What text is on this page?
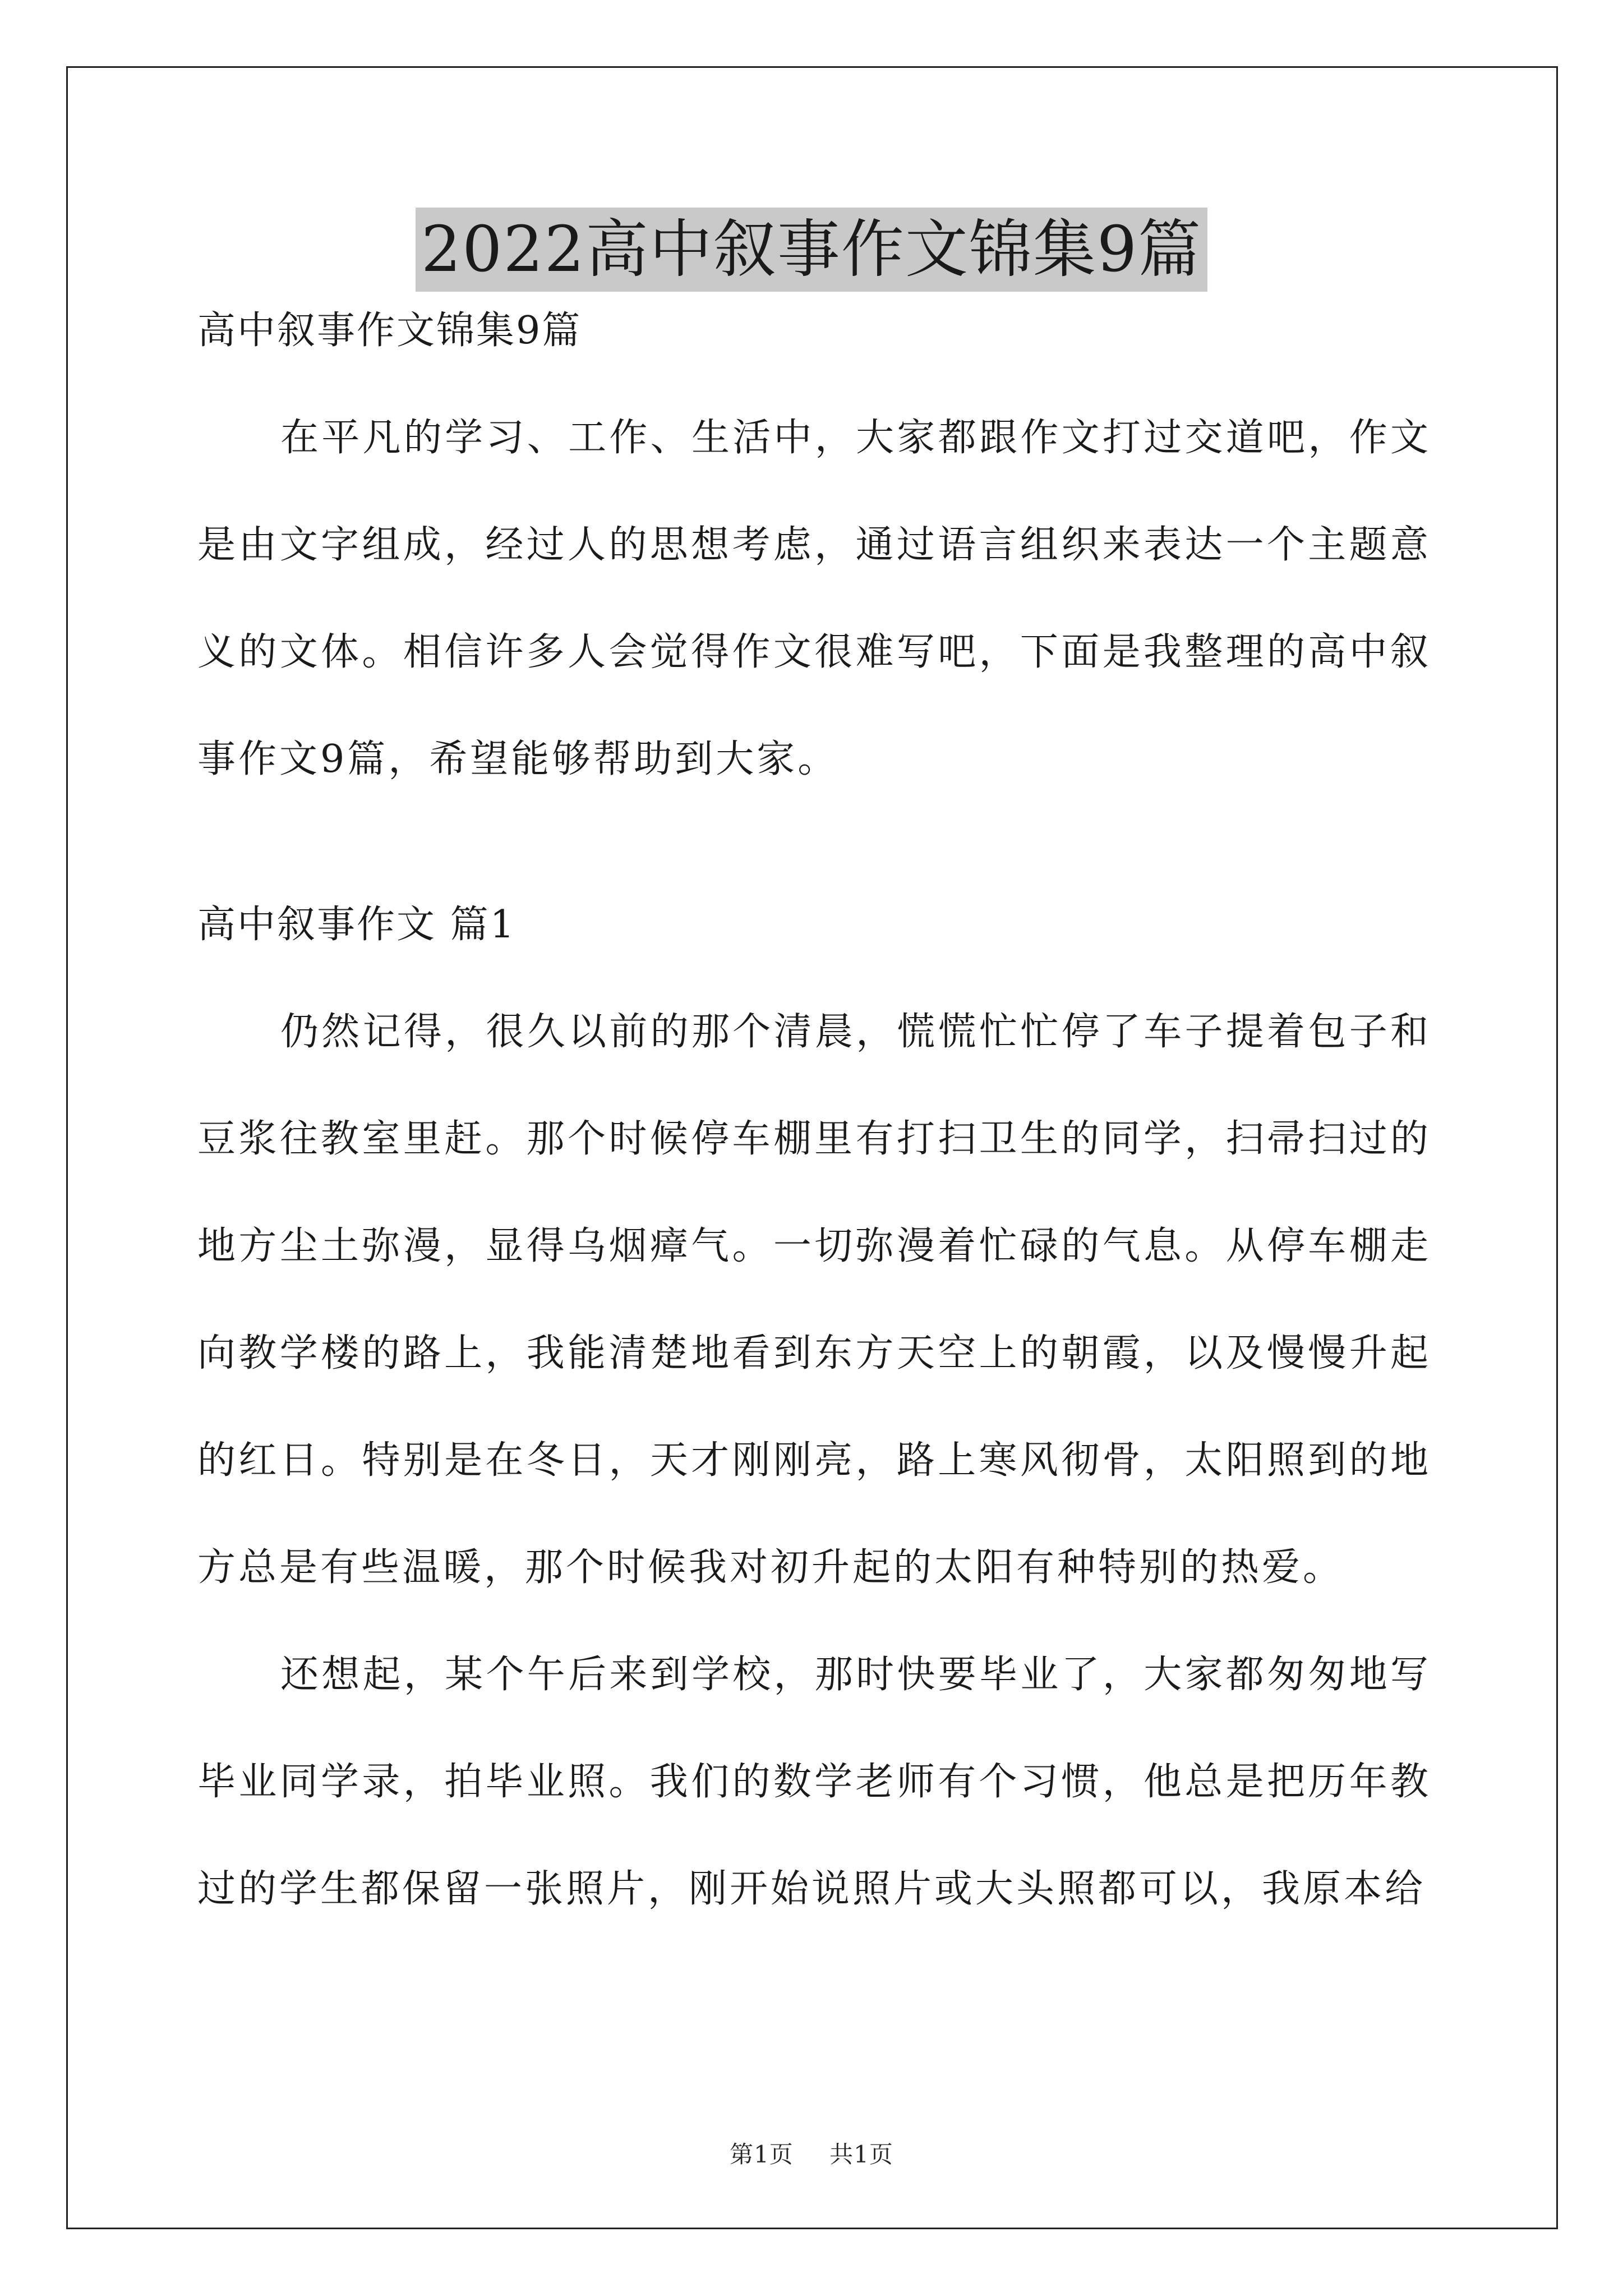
2022高中叙事作文锦集9篇

高中叙事作文锦集9篇

在平凡的学习、工作、生活中，大家都跟作文打过交道吧，作文是由文字组成，经过人的思想考虑，通过语言组织来表达一个主题意义的文体。相信许多人会觉得作文很难写吧，下面是我整理的高中叙事作文9篇，希望能够帮助到大家。

高中叙事作文 篇1

仍然记得，很久以前的那个清晨，慌慌忙忙停了车子提着包子和豆浆往教室里赶。那个时候停车棚里有打扫卫生的同学，扫帚扫过的地方尘土弥漫，显得乌烟瘴气。一切弥漫着忙碌的气息。从停车棚走向教学楼的路上，我能清楚地看到东方天空上的朝霞，以及慢慢升起的红日。特别是在冬日，天才刚刚亮，路上寒风彻骨，太阳照到的地方总是有些温暖，那个时候我对初升起的太阳有种特别的热爱。

还想起，某个午后来到学校，那时快要毕业了，大家都匆匆地写毕业同学录，拍毕业照。我们的数学老师有个习惯，他总是把历年教过的学生都保留一张照片，刚开始说照片或大头照都可以，我原本给

第1页 共1页
